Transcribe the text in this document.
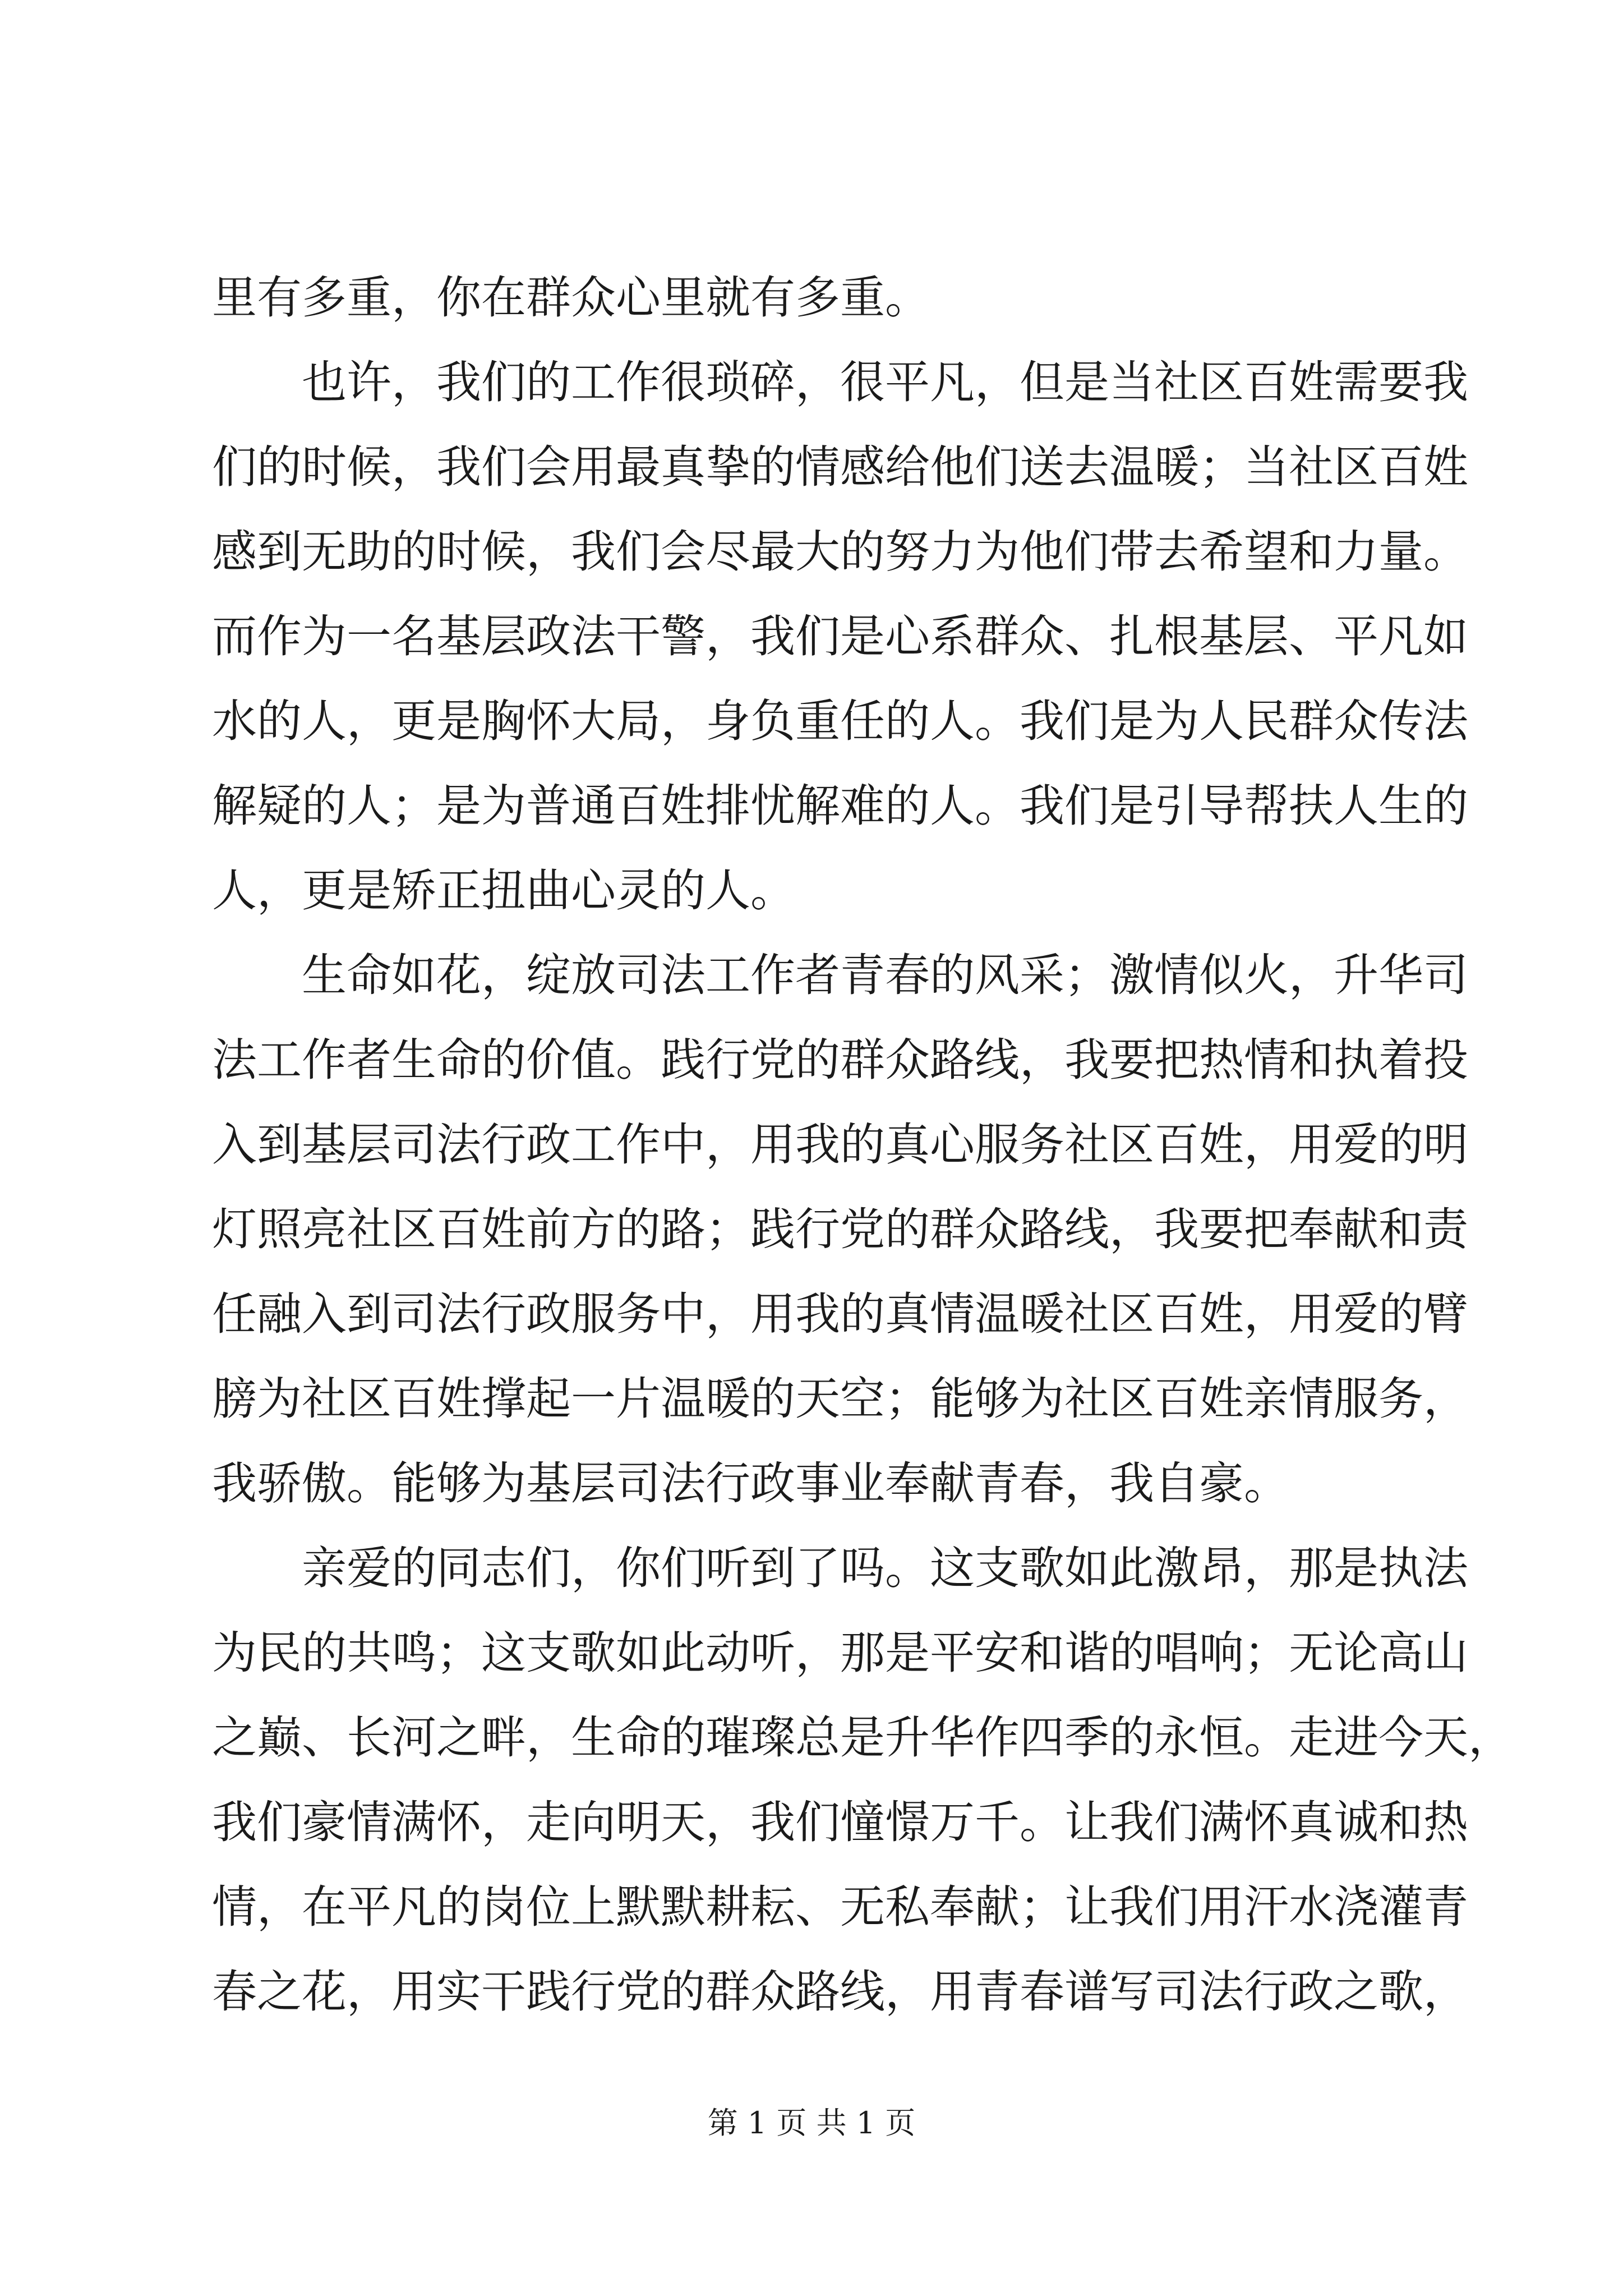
里有多重，你在群众心里就有多重。
也许，我们的工作很琐碎，很平凡，但是当社区百姓需要我
们的时候，我们会用最真挚的情感给他们送去温暖；当社区百姓
感到无助的时候，我们会尽最大的努力为他们带去希望和力量。
而作为一名基层政法干警，我们是心系群众、扎根基层、平凡如
水的人，更是胸怀大局，身负重任的人。我们是为人民群众传法
解疑的人；是为普通百姓排忧解难的人。我们是引导帮扶人生的
人，更是矫正扭曲心灵的人。
生命如花，绽放司法工作者青春的风采；激情似火，升华司
法工作者生命的价值。践行党的群众路线，我要把热情和执着投
入到基层司法行政工作中，用我的真心服务社区百姓，用爱的明
灯照亮社区百姓前方的路；践行党的群众路线，我要把奉献和责
任融入到司法行政服务中，用我的真情温暖社区百姓，用爱的臂
膀为社区百姓撑起一片温暖的天空；能够为社区百姓亲情服务，
我骄傲。能够为基层司法行政事业奉献青春，我自豪。
亲爱的同志们，你们听到了吗。这支歌如此激昂，那是执法
为民的共鸣；这支歌如此动听，那是平安和谐的唱响；无论高山
之巅、长河之畔，生命的璀璨总是升华作四季的永恒。走进今天，
我们豪情满怀，走向明天，我们憧憬万千。让我们满怀真诚和热
情，在平凡的岗位上默默耕耘、无私奉献；让我们用汗水浇灌青
春之花，用实干践行党的群众路线，用青春谱写司法行政之歌，
第 1 页 共 1 页
